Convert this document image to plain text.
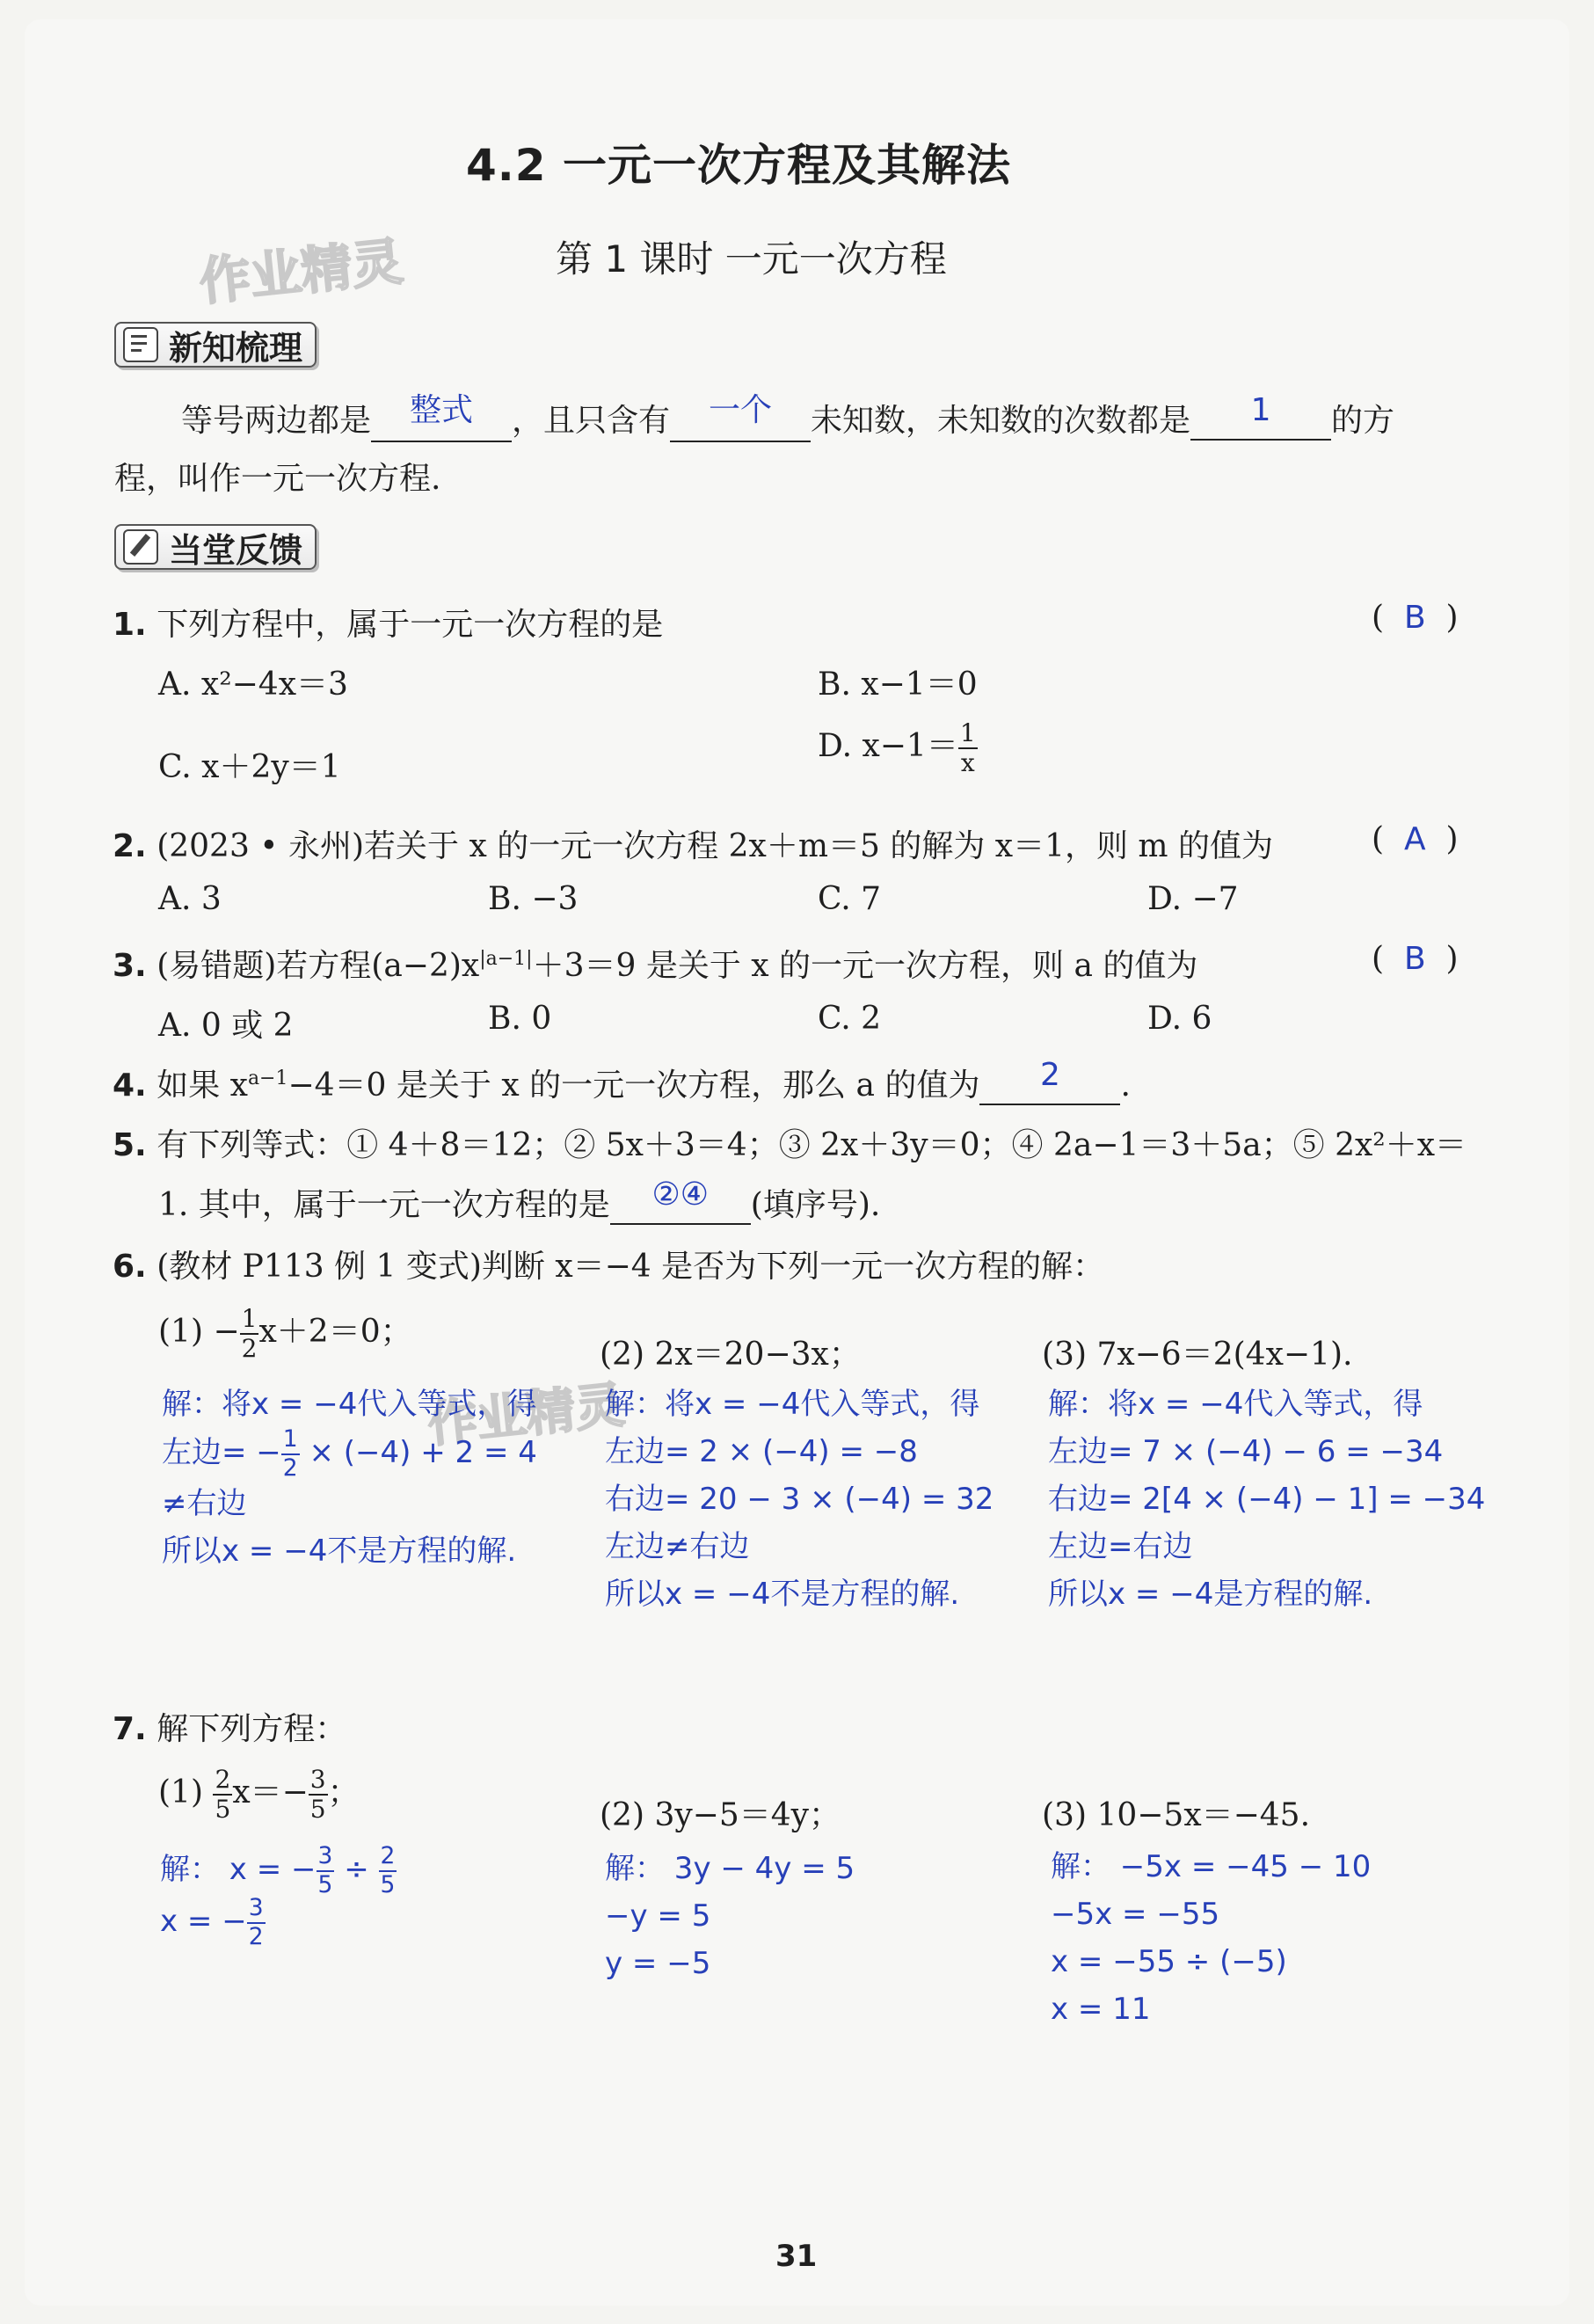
作业精灵
作业精灵
4.2 一元一次方程及其解法
第 1 课时 一元一次方程
新知梳理
等号两边都是 整式 ，且只含有 一个 未知数，未知数的次数都是 1 的方
程，叫作一元一次方程.
当堂反馈
1. 下列方程中，属于一元一次方程的是	(  B  )
A. x²−4x＝3	B. x−1＝0
C. x＋2y＝1
D. $x-1= \frac{1}{x}$
2. (2023 • 永州)若关于 x 的一元一次方程 2x＋m＝5 的解为 x＝1，则 m 的值为	(  A  )
A. 3	B. −3	C. 7	D. −7
3. (易错题)若方程$(a-2)x^{|a-1|}+3=9$ 是关于 x 的一元一次方程，则 a 的值为	(  B  )
A. 0 或 2	B. 0	C. 2	D. 6
4. 如果 $x^{a-1}-4=0$ 是关于 x 的一元一次方程，那么 a 的值为 2 .
5. 有下列等式：① 4＋8＝12；② 5x＋3＝4；③ 2x＋3y＝0；④ 2a−1＝3＋5a；⑤ 2x²＋x＝
1. 其中，属于一元一次方程的是 ②④ (填序号).
6. (教材 P113 例 1 变式)判断 x＝−4 是否为下列一元一次方程的解：
$(1) - \frac{1}{2} x+2=0$；
(2) 2x＝20−3x；	(3) 7x−6＝2(4x−1).
解：将x = −4代入等式，得
左边= − $\frac{1}{2} \times (-4) + 2 = 4$
≠右边
所以x = −4不是方程的解.
解：将x = −4代入等式，得
左边= 2 × (−4) = −8
右边= 20 − 3 × (−4) = 32
左边≠右边
所以x = −4不是方程的解.
解：将x = −4代入等式，得
左边= 7 × (−4) − 6 = −34
右边= 2[4 × (−4) − 1] = −34
左边=右边
所以x = −4是方程的解.
7. 解下列方程：
$(1) \frac{2}{5} x=- \frac{3}{5}$ ；
(2) 3y−5＝4y；	(3) 10−5x＝−45.
解： x = − $\frac{3}{5} \div \frac{2}{5}$
x = − $\frac{3}{2}$
解： 3y − 4y = 5
−y = 5
y = −5
解： −5x = −45 − 10
−5x = −55
x = −55 ÷ (−5)
x = 11
31
